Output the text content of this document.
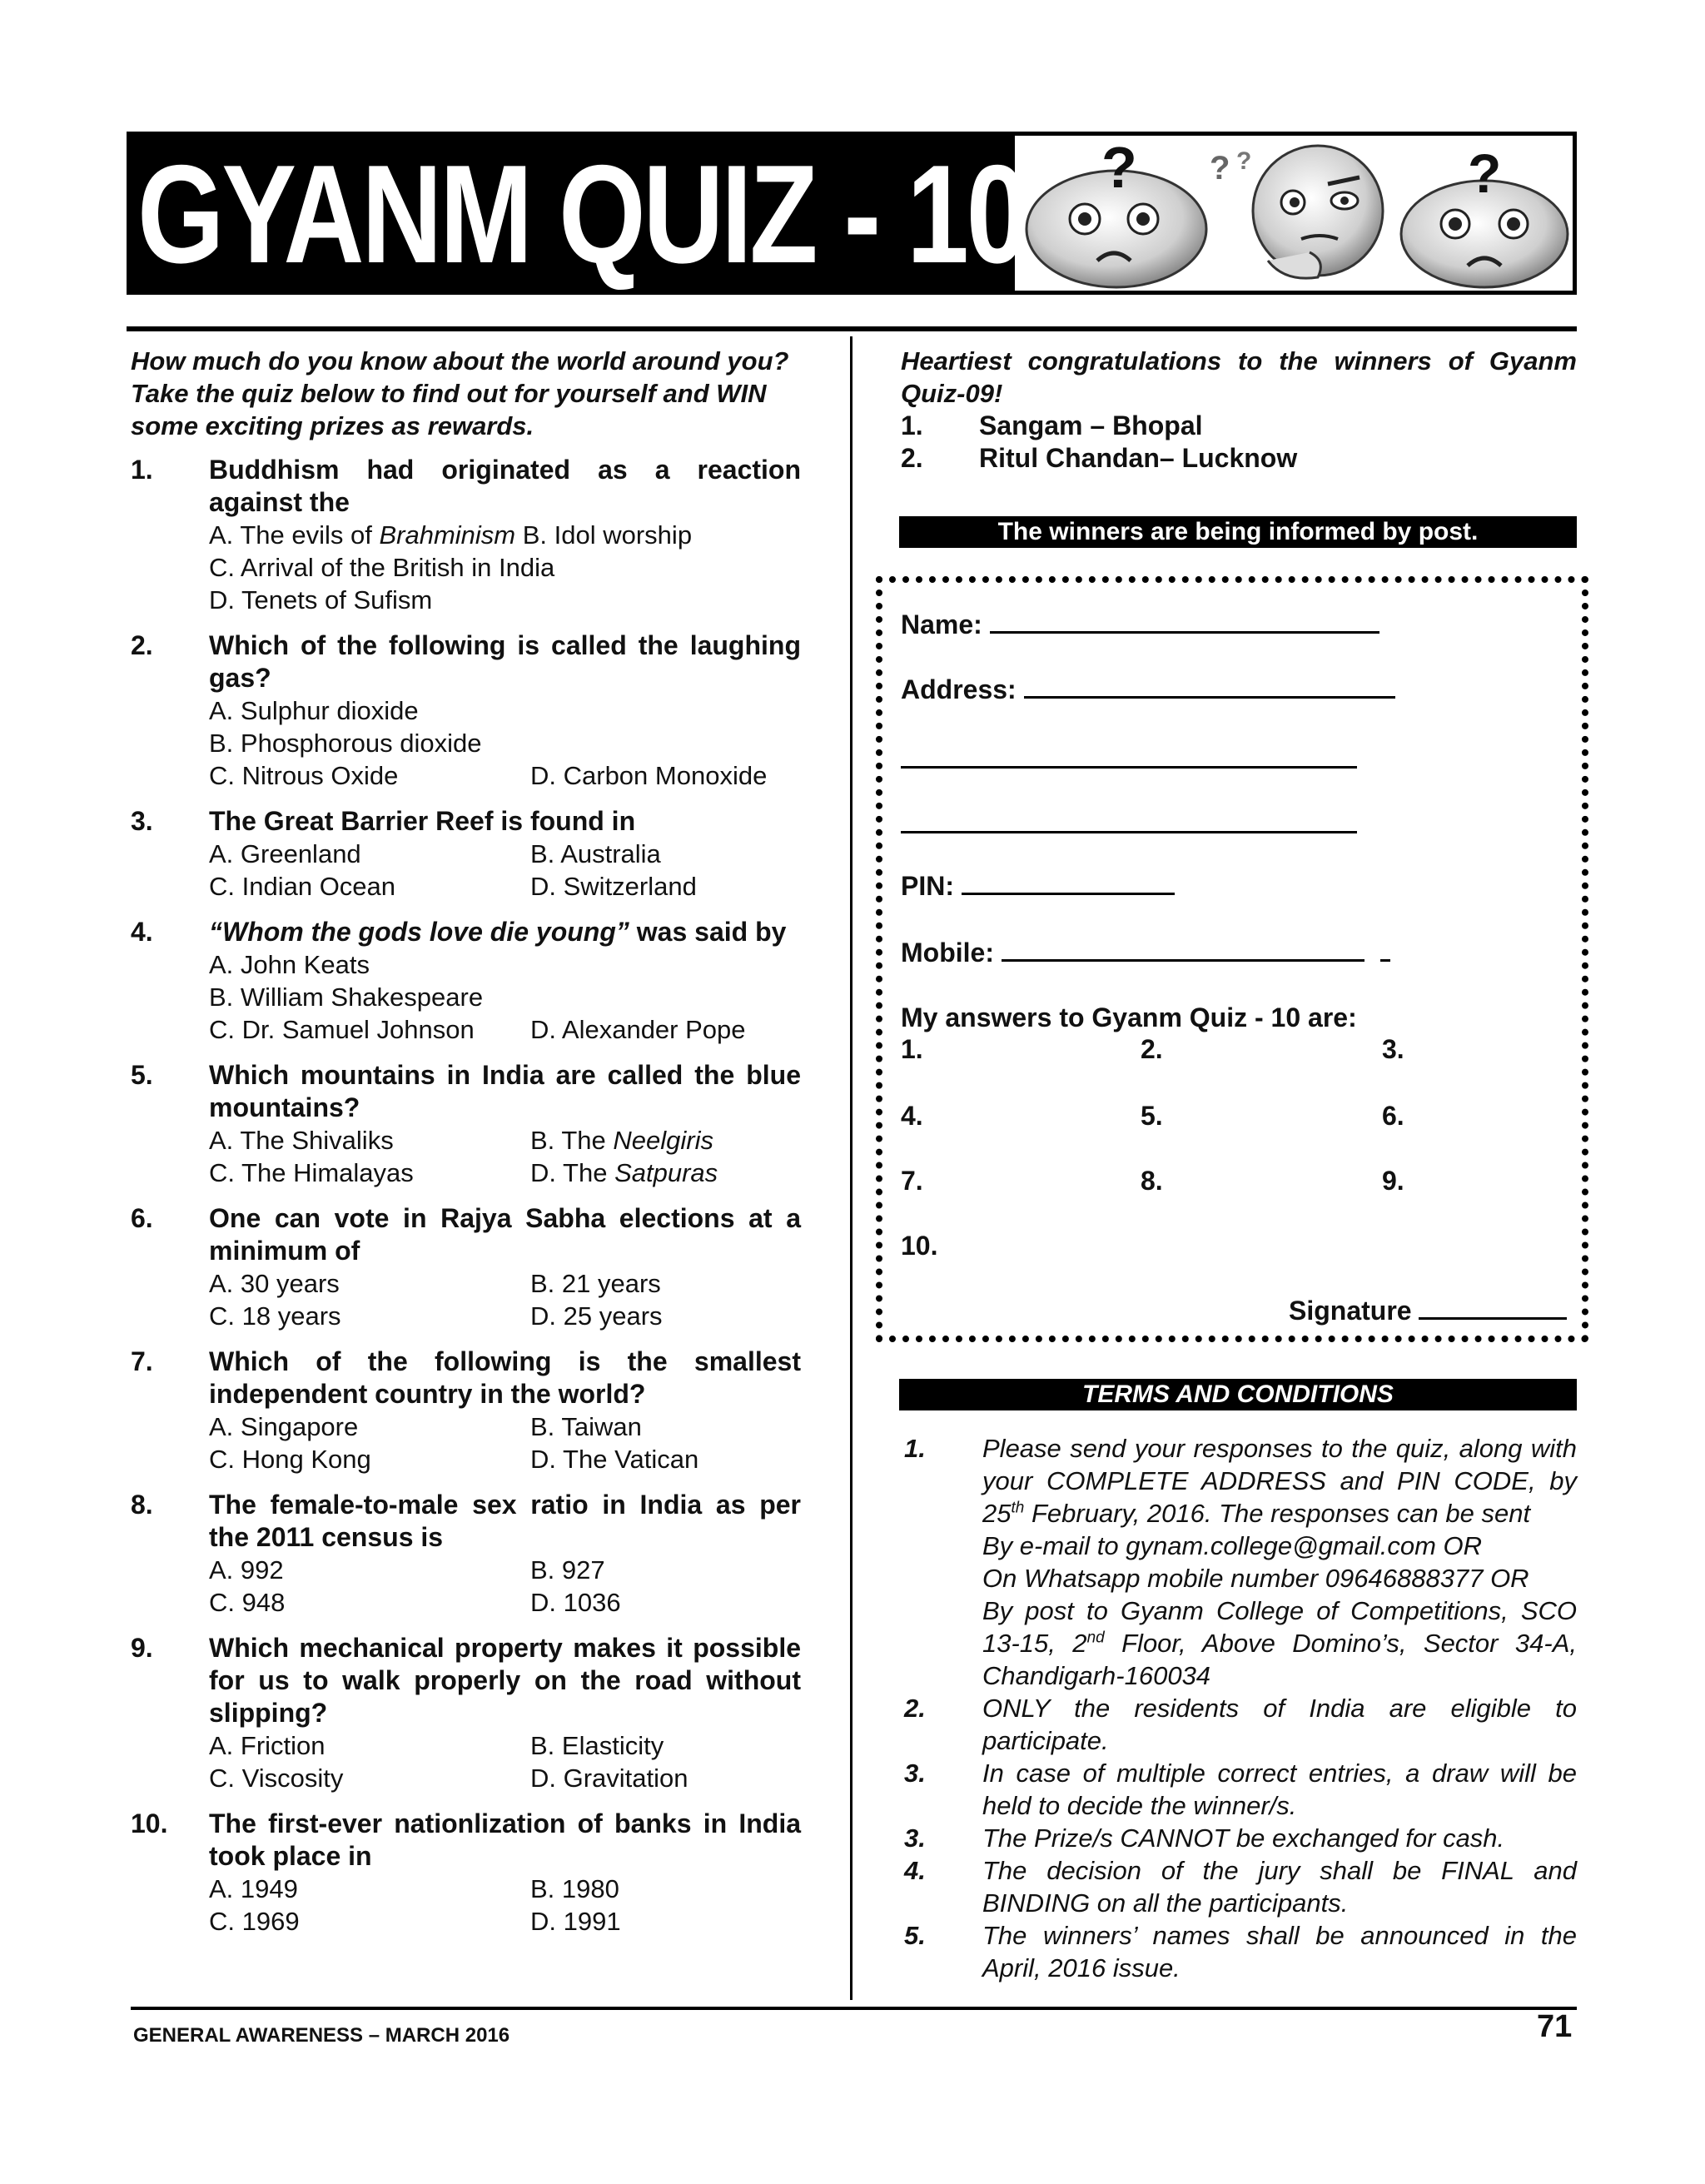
GYANM QUIZ - 10 ? ? ?	?

How much do you know about the world around you? Take the quiz below to find out for yourself and WIN some exciting prizes as rewards.

1. Buddhism had originated as a reaction against the
A. The evils of Brahminism B. Idol worship
C. Arrival of the British in India
D. Tenets of Sufism
2. Which of the following is called the laughing gas?
A. Sulphur dioxide
B. Phosphorous dioxide
C. Nitrous Oxide	D. Carbon Monoxide
3. The Great Barrier Reef is found in
A. Greenland	B. Australia
C. Indian Ocean	D. Switzerland
4. “Whom the gods love die young” was said by
A. John Keats
B. William Shakespeare
C. Dr. Samuel Johnson	D. Alexander Pope
5. Which mountains in India are called the blue mountains?
A. The Shivaliks	B. The Neelgiris
C. The Himalayas	D. The Satpuras
6. One can vote in Rajya Sabha elections at a minimum of
A. 30 years	B. 21 years
C. 18 years	D. 25 years
7. Which of the following is the smallest independent country in the world?
A. Singapore	B. Taiwan
C. Hong Kong	D. The Vatican
8. The female-to-male sex ratio in India as per the 2011 census is
A. 992	B. 927
C. 948	D. 1036
9. Which mechanical property makes it possible for us to walk properly on the road without slipping?
A. Friction	B. Elasticity
C. Viscosity	D. Gravitation
10. The first-ever nationlization of banks in India took place in
A. 1949	B. 1980
C. 1969	D. 1991
Heartiest congratulations to the winners of Gyanm Quiz-09!
1. Sangam – Bhopal
2. Ritul Chandan– Lucknow
The winners are being informed by post.
Name:
Address:
PIN:
Mobile:
My answers to Gyanm Quiz - 10 are:
1.	2.	3.
4.	5.	6.
7.	8.	9.
10.
Signature
TERMS AND CONDITIONS
1. Please send your responses to the quiz, along with your COMPLETE ADDRESS and PIN CODE, by 25th February, 2016. The responses can be sent
By e-mail to gynam.college@gmail.com OR
On Whatsapp mobile number 09646888377 OR
By post to Gyanm College of Competitions, SCO 13-15, 2nd Floor, Above Domino’s, Sector 34-A, Chandigarh-160034
2. ONLY the residents of India are eligible to participate.
3. In case of multiple correct entries, a draw will be held to decide the winner/s.
3. The Prize/s CANNOT be exchanged for cash.
4. The decision of the jury shall be FINAL and BINDING on all the participants.
5. The winners’ names shall be announced in the April, 2016 issue.
GENERAL AWARENESS – MARCH 2016	71
